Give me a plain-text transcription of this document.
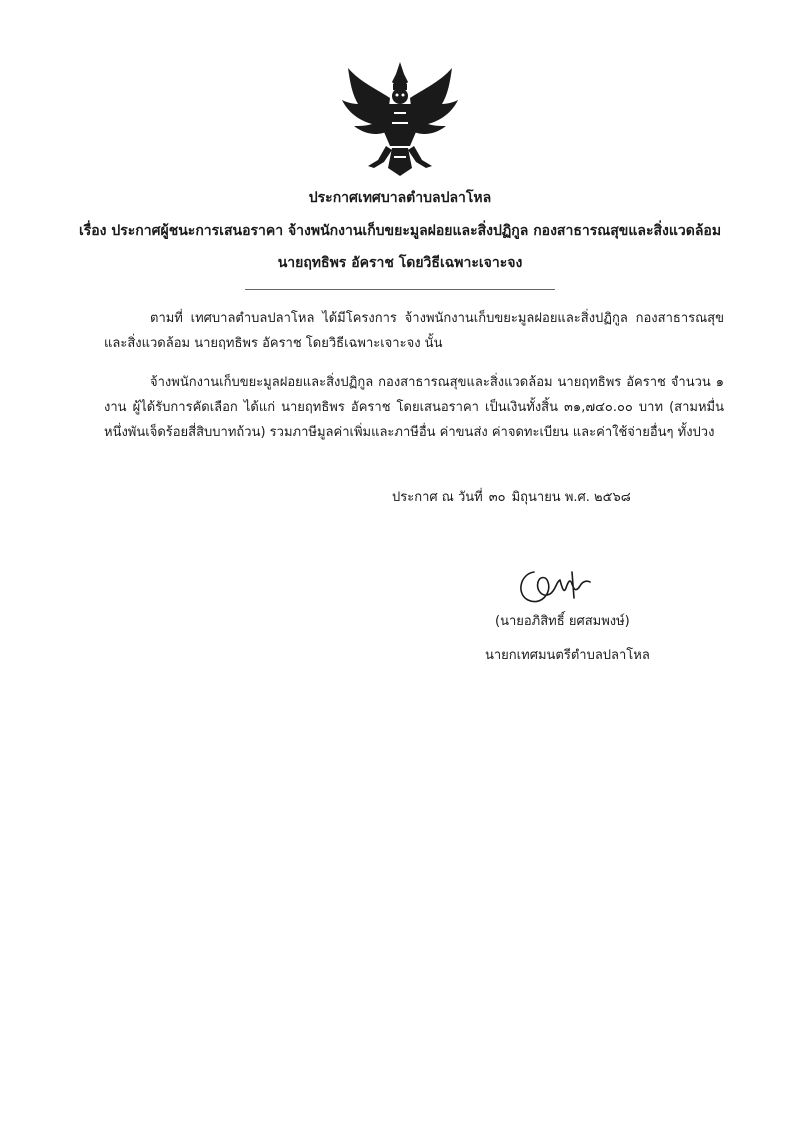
ประกาศเทศบาลตำบลปลาโหล
เรื่อง ประกาศผู้ชนะการเสนอราคา จ้างพนักงานเก็บขยะมูลฝอยและสิ่งปฏิกูล กองสาธารณสุขและสิ่งแวดล้อม
นายฤทธิพร อัคราช โดยวิธีเฉพาะเจาะจง
ตามที่ เทศบาลตำบลปลาโหล ได้มีโครงการ จ้างพนักงานเก็บขยะมูลฝอยและสิ่งปฏิกูล กองสาธารณสุขและสิ่งแวดล้อม นายฤทธิพร อัคราช โดยวิธีเฉพาะเจาะจง นั้น
จ้างพนักงานเก็บขยะมูลฝอยและสิ่งปฏิกูล กองสาธารณสุขและสิ่งแวดล้อม นายฤทธิพร อัคราช จำนวน ๑ งาน ผู้ได้รับการคัดเลือก ได้แก่ นายฤทธิพร อัคราช โดยเสนอราคา เป็นเงินทั้งสิ้น ๓๑,๗๔๐.๐๐ บาท (สามหมื่นหนึ่งพันเจ็ดร้อยสี่สิบบาทถ้วน) รวมภาษีมูลค่าเพิ่มและภาษีอื่น ค่าขนส่ง ค่าจดทะเบียน และค่าใช้จ่ายอื่นๆ ทั้งปวง
ประกาศ ณ วันที่ ๓๐ มิถุนายน พ.ศ. ๒๕๖๘
(นายอภิสิทธิ์ ยศสมพงษ์)
นายกเทศมนตรีตำบลปลาโหล
